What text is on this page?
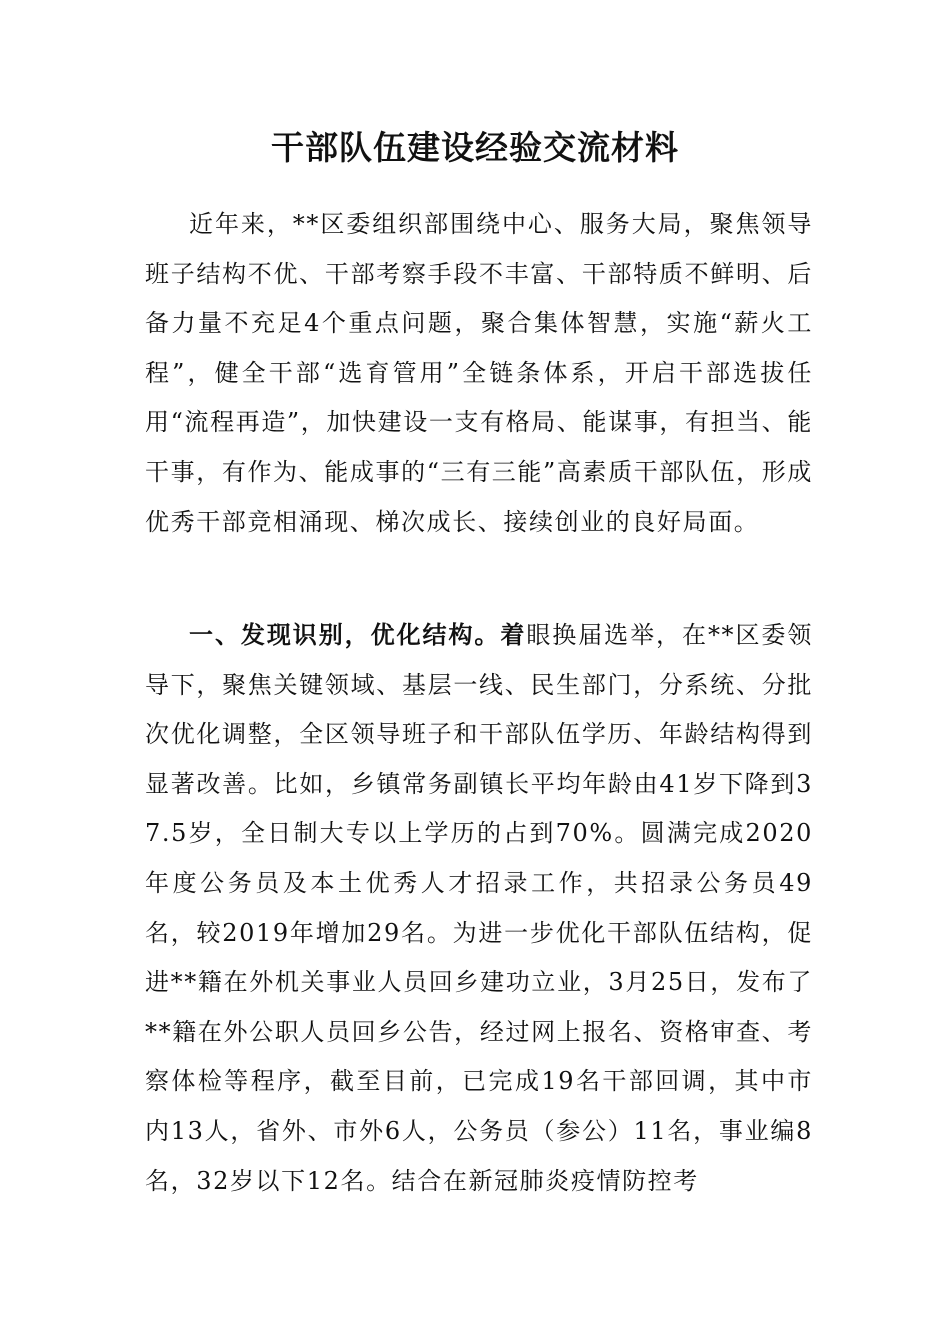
干部队伍建设经验交流材料

近年来，**区委组织部围绕中心、服务大局，聚焦领导班子结构不优、干部考察手段不丰富、干部特质不鲜明、后备力量不充足4个重点问题，聚合集体智慧，实施“薪火工程”，健全干部“选育管用”全链条体系，开启干部选拔任用“流程再造”，加快建设一支有格局、能谋事，有担当、能干事，有作为、能成事的“三有三能”高素质干部队伍，形成优秀干部竞相涌现、梯次成长、接续创业的良好局面。

一、发现识别，优化结构。着眼换届选举，在**区委领导下，聚焦关键领域、基层一线、民生部门，分系统、分批次优化调整，全区领导班子和干部队伍学历、年龄结构得到显著改善。比如，乡镇常务副镇长平均年龄由41岁下降到37.5岁，全日制大专以上学历的占到70%。圆满完成2020年度公务员及本土优秀人才招录工作，共招录公务员49名，较2019年增加29名。为进一步优化干部队伍结构，促进**籍在外机关事业人员回乡建功立业，3月25日，发布了**籍在外公职人员回乡公告，经过网上报名、资格审查、考察体检等程序，截至目前，已完成19名干部回调，其中市内13人，省外、市外6人，公务员（参公）11名，事业编8名，32岁以下12名。结合在新冠肺炎疫情防控考
